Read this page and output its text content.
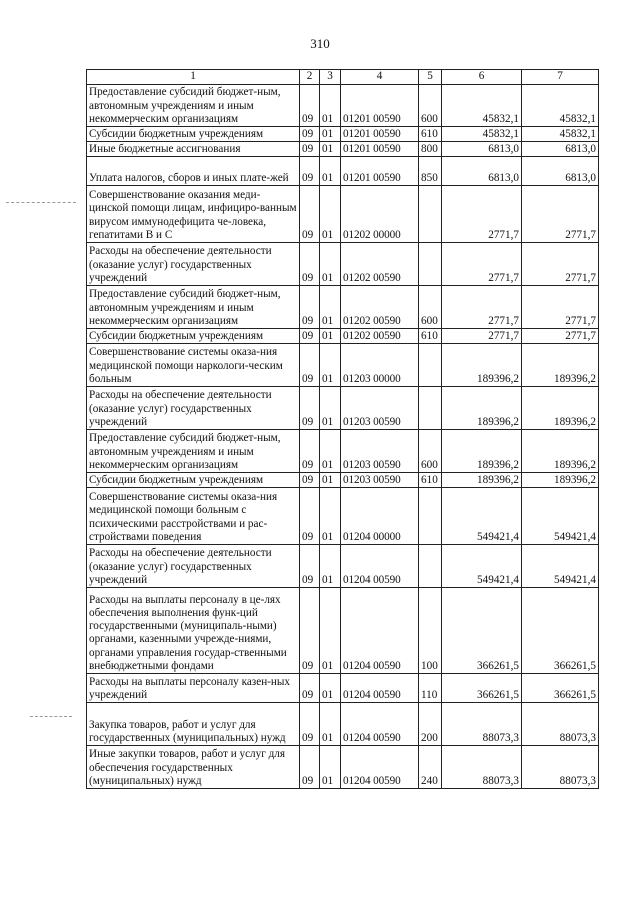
310
1	2	3	4	5	6	7
Предоставление субсидий бюджет-ным, автономным учреждениям и иным некоммерческим организациям	09	01	01201 00590	600	45832,1	45832,1
Субсидии бюджетным учреждениям	09	01	01201 00590	610	45832,1	45832,1
Иные бюджетные ассигнования	09	01	01201 00590	800	6813,0	6813,0
Уплата налогов, сборов и иных плате-жей	09	01	01201 00590	850	6813,0	6813,0
Совершенствование оказания меди-цинской помощи лицам, инфициро-ванным вирусом иммунодефицита че-ловека, гепатитами В и С	09	01	01202 00000		2771,7	2771,7
Расходы на обеспечение деятельности (оказание услуг) государственных учреждений	09	01	01202 00590		2771,7	2771,7
Предоставление субсидий бюджет-ным, автономным учреждениям и иным некоммерческим организациям	09	01	01202 00590	600	2771,7	2771,7
Субсидии бюджетным учреждениям	09	01	01202 00590	610	2771,7	2771,7
Совершенствование системы оказа-ния медицинской помощи наркологи-ческим больным	09	01	01203 00000		189396,2	189396,2
Расходы на обеспечение деятельности (оказание услуг) государственных учреждений	09	01	01203 00590		189396,2	189396,2
Предоставление субсидий бюджет-ным, автономным учреждениям и иным некоммерческим организациям	09	01	01203 00590	600	189396,2	189396,2
Субсидии бюджетным учреждениям	09	01	01203 00590	610	189396,2	189396,2
Совершенствование системы оказа-ния медицинской помощи больным с психическими расстройствами и рас-стройствами поведения	09	01	01204 00000		549421,4	549421,4
Расходы на обеспечение деятельности (оказание услуг) государственных учреждений	09	01	01204 00590		549421,4	549421,4
Расходы на выплаты персоналу в це-лях обеспечения выполнения функ-ций государственными (муниципаль-ными) органами, казенными учрежде-ниями, органами управления государ-ственными внебюджетными фондами	09	01	01204 00590	100	366261,5	366261,5
Расходы на выплаты персоналу казен-ных учреждений	09	01	01204 00590	110	366261,5	366261,5
Закупка товаров, работ и услуг для государственных (муниципальных) нужд	09	01	01204 00590	200	88073,3	88073,3
Иные закупки товаров, работ и услуг для обеспечения государственных (муниципальных) нужд	09	01	01204 00590	240	88073,3	88073,3
